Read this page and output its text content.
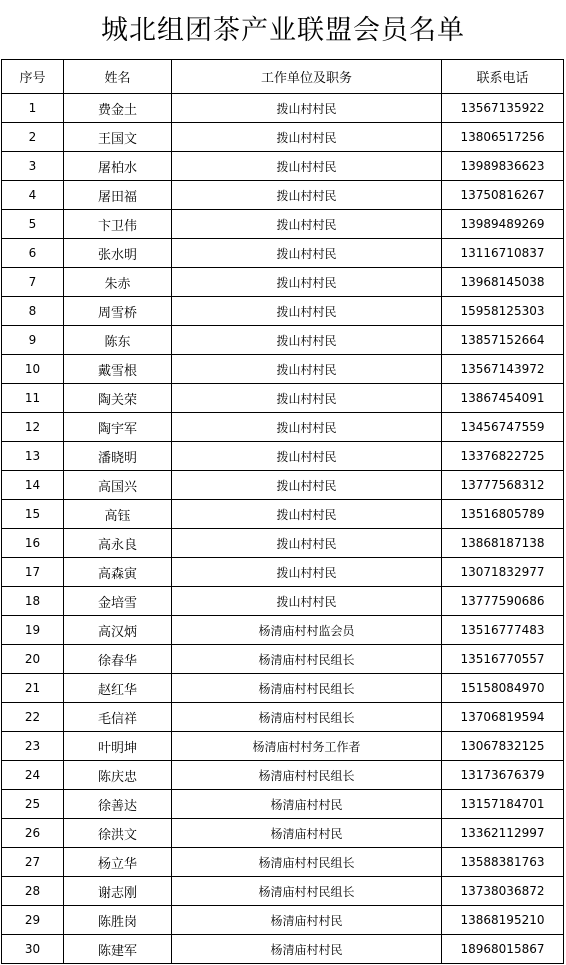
城北组团茶产业联盟会员名单
序号	姓名	工作单位及职务	联系电话
1	费金土	拨山村村民	13567135922
2	王国文	拨山村村民	13806517256
3	屠柏水	拨山村村民	13989836623
4	屠田福	拨山村村民	13750816267
5	卞卫伟	拨山村村民	13989489269
6	张水明	拨山村村民	13116710837
7	朱赤	拨山村村民	13968145038
8	周雪桥	拨山村村民	15958125303
9	陈东	拨山村村民	13857152664
10	戴雪根	拨山村村民	13567143972
11	陶关荣	拨山村村民	13867454091
12	陶宇军	拨山村村民	13456747559
13	潘晓明	拨山村村民	13376822725
14	高国兴	拨山村村民	13777568312
15	高钰	拨山村村民	13516805789
16	高永良	拨山村村民	13868187138
17	高森寅	拨山村村民	13071832977
18	金培雪	拨山村村民	13777590686
19	高汉炳	杨清庙村村监会员	13516777483
20	徐春华	杨清庙村村民组长	13516770557
21	赵红华	杨清庙村村民组长	15158084970
22	毛信祥	杨清庙村村民组长	13706819594
23	叶明坤	杨清庙村村务工作者	13067832125
24	陈庆忠	杨清庙村村民组长	13173676379
25	徐善达	杨清庙村村民	13157184701
26	徐洪文	杨清庙村村民	13362112997
27	杨立华	杨清庙村村民组长	13588381763
28	谢志刚	杨清庙村村民组长	13738036872
29	陈胜岗	杨清庙村村民	13868195210
30	陈建军	杨清庙村村民	18968015867
